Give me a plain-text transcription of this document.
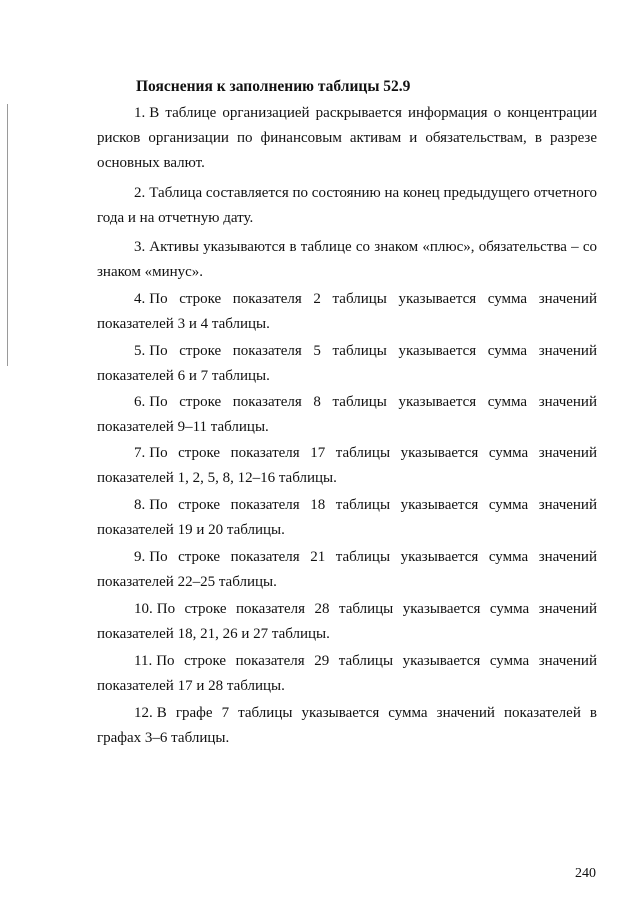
Пояснения к заполнению таблицы 52.9

1. В таблице организацией раскрывается информация о концентрации рисков организации по финансовым активам и обязательствам, в разрезе основных валют.

2. Таблица составляется по состоянию на конец предыдущего отчетного года и на отчетную дату.

3. Активы указываются в таблице со знаком «плюс», обязательства – со знаком «минус».

4. По строке показателя 2 таблицы указывается сумма значений показателей 3 и 4 таблицы.

5. По строке показателя 5 таблицы указывается сумма значений показателей 6 и 7 таблицы.

6. По строке показателя 8 таблицы указывается сумма значений показателей 9–11 таблицы.

7. По строке показателя 17 таблицы указывается сумма значений показателей 1, 2, 5, 8, 12–16 таблицы.

8. По строке показателя 18 таблицы указывается сумма значений показателей 19 и 20 таблицы.

9. По строке показателя 21 таблицы указывается сумма значений показателей 22–25 таблицы.

10. По строке показателя 28 таблицы указывается сумма значений показателей 18, 21, 26 и 27 таблицы.

11. По строке показателя 29 таблицы указывается сумма значений показателей 17 и 28 таблицы.

12. В графе 7 таблицы указывается сумма значений показателей в графах 3–6 таблицы.

240
